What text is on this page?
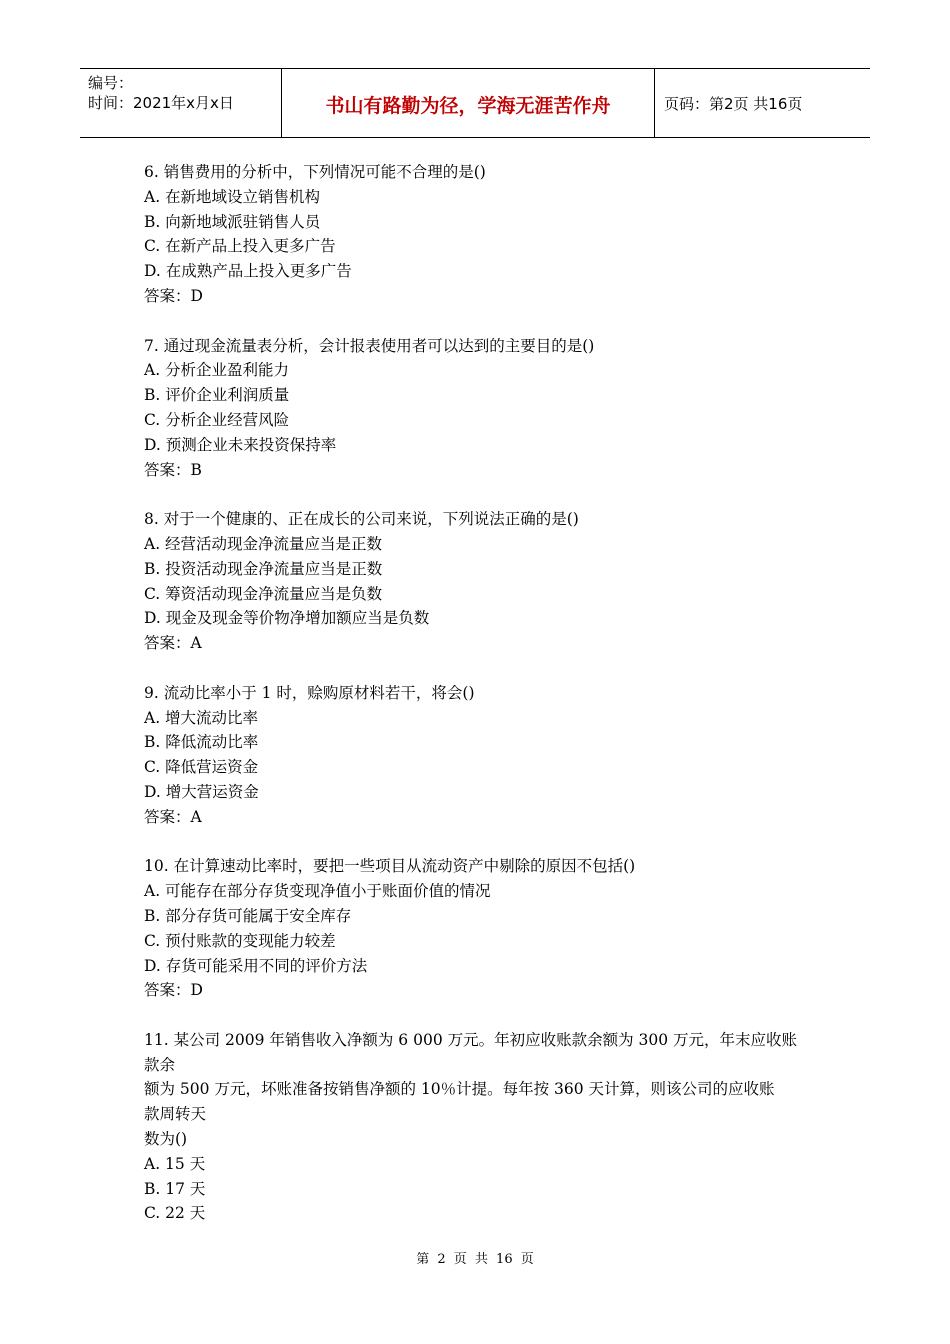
编号：
时间：2021年x月x日	书山有路勤为径，学海无涯苦作舟	页码：第2页 共16页
6. 销售费用的分析中，下列情况可能不合理的是()
A. 在新地域设立销售机构
B. 向新地域派驻销售人员
C. 在新产品上投入更多广告
D. 在成熟产品上投入更多广告
答案：D
7. 通过现金流量表分析，会计报表使用者可以达到的主要目的是()
A. 分析企业盈利能力
B. 评价企业利润质量
C. 分析企业经营风险
D. 预测企业未来投资保持率
答案：B
8. 对于一个健康的、正在成长的公司来说，下列说法正确的是()
A. 经营活动现金净流量应当是正数
B. 投资活动现金净流量应当是正数
C. 筹资活动现金净流量应当是负数
D. 现金及现金等价物净增加额应当是负数
答案：A
9. 流动比率小于 1 时，赊购原材料若干，将会()
A. 增大流动比率
B. 降低流动比率
C. 降低营运资金
D. 增大营运资金
答案：A
10. 在计算速动比率时，要把一些项目从流动资产中剔除的原因不包括()
A. 可能存在部分存货变现净值小于账面价值的情况
B. 部分存货可能属于安全库存
C. 预付账款的变现能力较差
D. 存货可能采用不同的评价方法
答案：D
11. 某公司 2009 年销售收入净额为 6 000 万元。年初应收账款余额为 300 万元，年末应收账
款余
额为 500 万元，坏账准备按销售净额的 10％计提。每年按 360 天计算，则该公司的应收账
款周转天
数为()
A. 15 天
B. 17 天
C. 22 天
第 2 页 共 16 页
